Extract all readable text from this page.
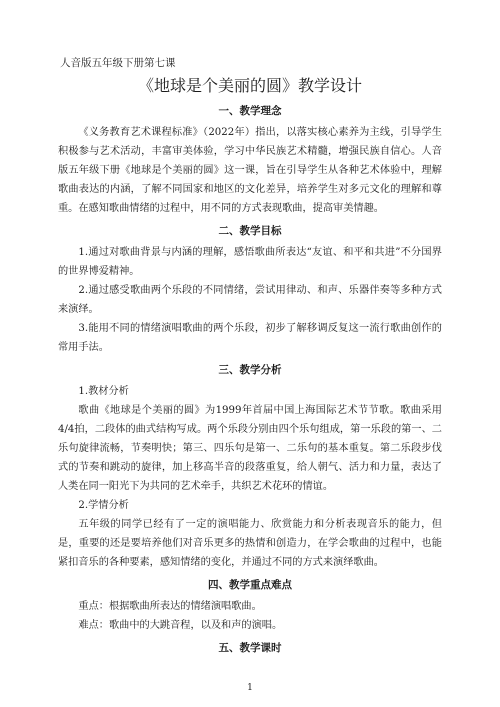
人音版五年级下册第七课
《地球是个美丽的圆》教学设计
一、教学理念

《义务教育艺术课程标准》（2022年）指出，以落实核心素养为主线，引导学生积极参与艺术活动，丰富审美体验，学习中华民族艺术精髓，增强民族自信心。人音版五年级下册《地球是个美丽的圆》这一课，旨在引导学生从各种艺术体验中，理解歌曲表达的内涵，了解不同国家和地区的文化差异，培养学生对多元文化的理解和尊重。在感知歌曲情绪的过程中，用不同的方式表现歌曲，提高审美情趣。

二、教学目标

1.通过对歌曲背景与内涵的理解，感悟歌曲所表达“友谊、和平和共进”不分国界的世界博爱精神。

2.通过感受歌曲两个乐段的不同情绪，尝试用律动、和声、乐器伴奏等多种方式来演绎。

3.能用不同的情绪演唱歌曲的两个乐段，初步了解移调反复这一流行歌曲创作的常用手法。

三、教学分析
1.教材分析

歌曲《地球是个美丽的圆》为1999年首届中国上海国际艺术节节歌。歌曲采用4/4拍，二段体的曲式结构写成。两个乐段分别由四个乐句组成，第一乐段的第一、二乐句旋律流畅，节奏明快；第三、四乐句是第一、二乐句的基本重复。第二乐段步伐式的节奏和跳动的旋律，加上移高半音的段落重复，给人朝气、活力和力量，表达了人类在同一阳光下为共同的艺术牵手，共织艺术花环的情谊。

2.学情分析

五年级的同学已经有了一定的演唱能力、欣赏能力和分析表现音乐的能力，但是，重要的还是要培养他们对音乐更多的热情和创造力，在学会歌曲的过程中，也能紧扣音乐的各种要素，感知情绪的变化，并通过不同的方式来演绎歌曲。

四、教学重点难点

重点：根据歌曲所表达的情绪演唱歌曲。

难点：歌曲中的大跳音程，以及和声的演唱。

五、教学课时
1
